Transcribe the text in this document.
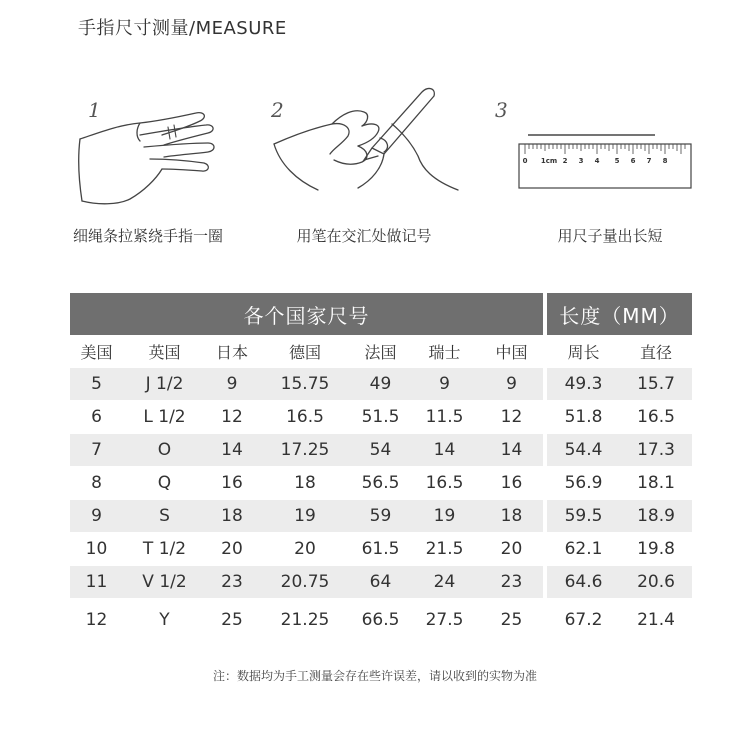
手指尺寸测量/MEASURE
1
细绳条拉紧绕手指一圈
2
用笔在交汇处做记号
3
0 1cm 2 3 4 5 6 7 8
用尺子量出长短
各个国家尺号	长度（MM）
美国	英国	日本	德国	法国	瑞士	中国	周长	直径
5	J 1/2	9	15.75	49	9	9	49.3	15.7
6	L 1/2	12	16.5	51.5	11.5	12	51.8	16.5
7	O	14	17.25	54	14	14	54.4	17.3
8	Q	16	18	56.5	16.5	16	56.9	18.1
9	S	18	19	59	19	18	59.5	18.9
10	T 1/2	20	20	61.5	21.5	20	62.1	19.8
11	V 1/2	23	20.75	64	24	23	64.6	20.6
12	Y	25	21.25	66.5	27.5	25	67.2	21.4
注：数据均为手工测量会存在些许误差，请以收到的实物为准
